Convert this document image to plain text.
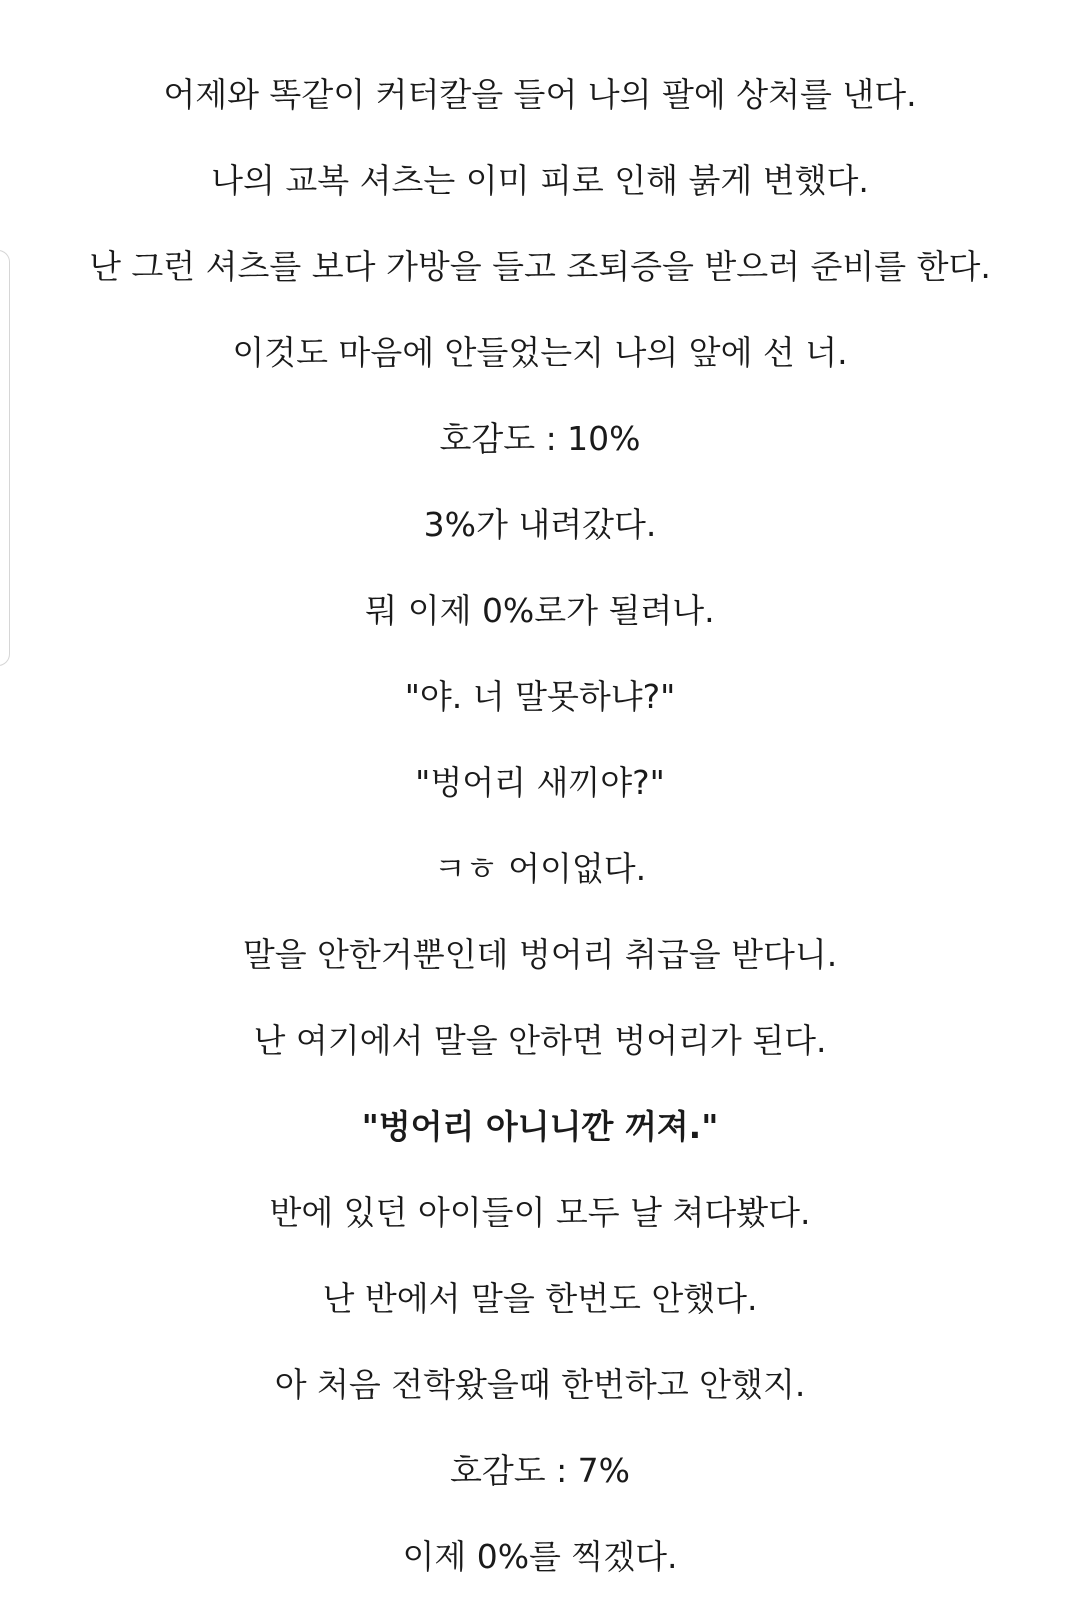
어제와 똑같이 커터칼을 들어 나의 팔에 상처를 낸다.

나의 교복 셔츠는 이미 피로 인해 붉게 변했다.

난 그런 셔츠를 보다 가방을 들고 조퇴증을 받으러 준비를 한다.

이것도 마음에 안들었는지 나의 앞에 선 너.

호감도 : 10%

3%가 내려갔다.

뭐 이제 0%로가 될려나.

"야. 너 말못하냐?"

"벙어리 새끼야?"

ㅋㅎ 어이없다.

말을 안한거뿐인데 벙어리 취급을 받다니.

난 여기에서 말을 안하면 벙어리가 된다.

"벙어리 아니니깐 꺼져."

반에 있던 아이들이 모두 날 쳐다봤다.

난 반에서 말을 한번도 안했다.

아 처음 전학왔을때 한번하고 안했지.

호감도 : 7%

이제 0%를 찍겠다.
